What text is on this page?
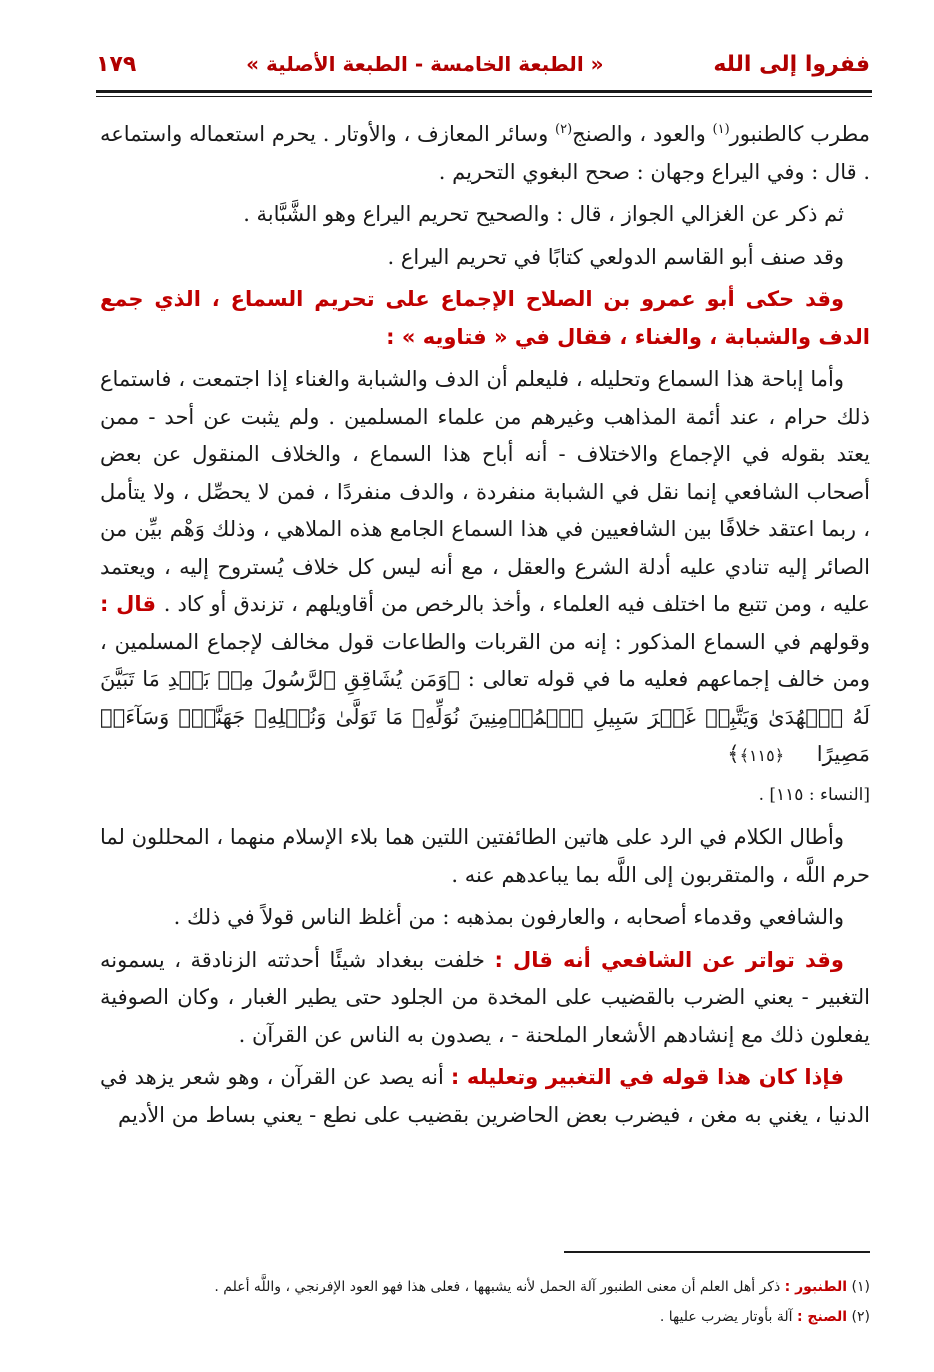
ففروا إلى الله
« الطبعة الخامسة - الطبعة الأصلية »
١٧٩

مطرب كالطنبور$^{(١)}$ والعود ، والصنج$^{(٢)}$ وسائر المعازف ، والأوتار . يحرم استعماله واستماعه . قال : وفي اليراع وجهان : صحح البغوي التحريم .

ثم ذكر عن الغزالي الجواز ، قال : والصحيح تحريم اليراع وهو الشَّبَّابة .

وقد صنف أبو القاسم الدولعي كتابًا في تحريم اليراع .

وقد حكى أبو عمرو بن الصلاح الإجماع على تحريم السماع ، الذي جمع الدف والشبابة ، والغناء ، فقال في « فتاويه » :

وأما إباحة هذا السماع وتحليله ، فليعلم أن الدف والشبابة والغناء إذا اجتمعت ، فاستماع ذلك حرام ، عند أئمة المذاهب وغيرهم من علماء المسلمين . ولم يثبت عن أحد - ممن يعتد بقوله في الإجماع والاختلاف - أنه أباح هذا السماع ، والخلاف المنقول عن بعض أصحاب الشافعي إنما نقل في الشبابة منفردة ، والدف منفردًا ، فمن لا يحصِّل ، ولا يتأمل ، ربما اعتقد خلافًا بين الشافعيين في هذا السماع الجامع هذه الملاهي ، وذلك وَهْم بيِّن من الصائر إليه تنادي عليه أدلة الشرع والعقل ، مع أنه ليس كل خلاف يُستروح إليه ، ويعتمد عليه ، ومن تتبع ما اختلف فيه العلماء ، وأخذ بالرخص من أقاويلهم ، تزندق أو كاد . قال : وقولهم في السماع المذكور : إنه من القربات والطاعات قول مخالف لإجماع المسلمين ، ومن خالف إجماعهم فعليه ما في قوله تعالى : ﴿وَمَن يُشَاقِقِ ٱلرَّسُولَ مِنۢ بَعۡدِ مَا تَبَيَّنَ لَهُ ٱلۡهُدَىٰ وَيَتَّبِعۡ غَيۡرَ سَبِيلِ ٱلۡمُؤۡمِنِينَ نُوَلِّهِۦ مَا تَوَلَّىٰ وَنُصۡلِهِۦ جَهَنَّمَۖ وَسَآءَتۡ مَصِيرًا ﴿١١٥﴾﴾
[النساء : ١١٥] .

وأطال الكلام في الرد على هاتين الطائفتين اللتين هما بلاء الإسلام منهما ، المحللون لما حرم اللَّه ، والمتقربون إلى اللَّه بما يباعدهم عنه .

والشافعي وقدماء أصحابه ، والعارفون بمذهبه : من أغلظ الناس قولاً في ذلك .

وقد تواتر عن الشافعي أنه قال : خلفت ببغداد شيئًا أحدثته الزنادقة ، يسمونه التغبير - يعني الضرب بالقضيب على المخدة من الجلود حتى يطير الغبار ، وكان الصوفية يفعلون ذلك مع إنشادهم الأشعار الملحنة - ، يصدون به الناس عن القرآن .

فإذا كان هذا قوله في التغبير وتعليله : أنه يصد عن القرآن ، وهو شعر يزهد في الدنيا ، يغني به مغن ، فيضرب بعض الحاضرين بقضيب على نطع - يعني بساط من الأديم

(١) الطنبور : ذكر أهل العلم أن معنى الطنبور آلة الحمل لأنه يشبهها ، فعلى هذا فهو العود الإفرنجي ، واللَّه أعلم .

(٢) الصنج : آلة بأوتار يضرب عليها .
